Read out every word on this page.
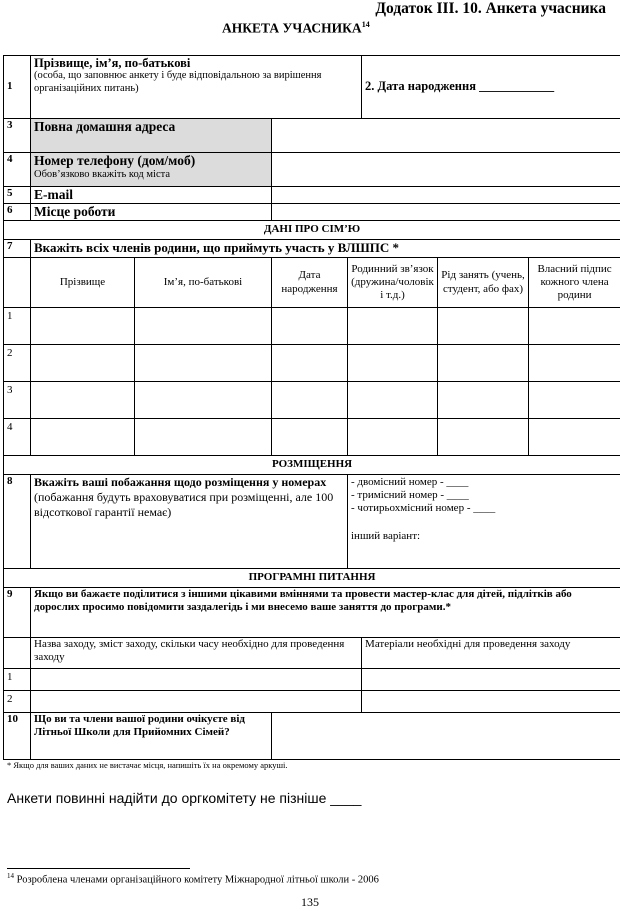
Додаток ІІІ. 10. Анкета учасника
АНКЕТА УЧАСНИКА$^{14}$
1	Прізвище, ім’я, по-батькові
(особа, що заповнює анкету і буде відповідальною за вирішення організаційних питань)				2. Дата народження ____________		
3	Повна домашня адреса						

4	Номер телефону (дом/моб)
Обов’язково вкажіть код міста						

5	E-mail						

6	Місце роботи						

ДАНІ ПРО СІМ’Ю							
7	Вкажіть всіх членів родини, що приймуть участь у ВЛШПС *						
	Прізвище	Ім’я, по-батькові	Дата народження	Родинний зв’язок (дружина/чоловік і т.д.)		Рід занять (учень, студент, або фах)	Власний підпис кожного члена родини
1							
2							
3							
4							
РОЗМІЩЕННЯ							
8	Вкажіть ваші побажання щодо розміщення у номерах (побажання будуть враховуватися при розміщенні, але 100 відсоткової гарантії немає)			- двомісний номер - ____
- тримісний номер - ____
- чотирьохмісний номер - ____
інший варіант:			

ПРОГРАМНІ ПИТАННЯ							
9	Якщо ви бажаєте поділитися з іншими цікавими вміннями та провести мастер-клас для дітей, підлітків або дорослих просимо повідомити заздалегідь і ми внесемо ваше заняття до програми.*						
	Назва заходу, зміст заходу, скільки часу необхідно для проведення заходу				Матеріали необхідні для проведення заходу		
1							
2							
10	Що ви та члени вашої родини очікуєте від Літньої Школи для Прийомних Сімей?						
* Якщо для ваших даних не вистачає місця, напишіть їх на окремому аркуші.
Анкети повинні надійти до оргкомітету не пізніше ____
$^{14}$ Розроблена членами організаційного комітету Міжнародної літньої школи - 2006
135
